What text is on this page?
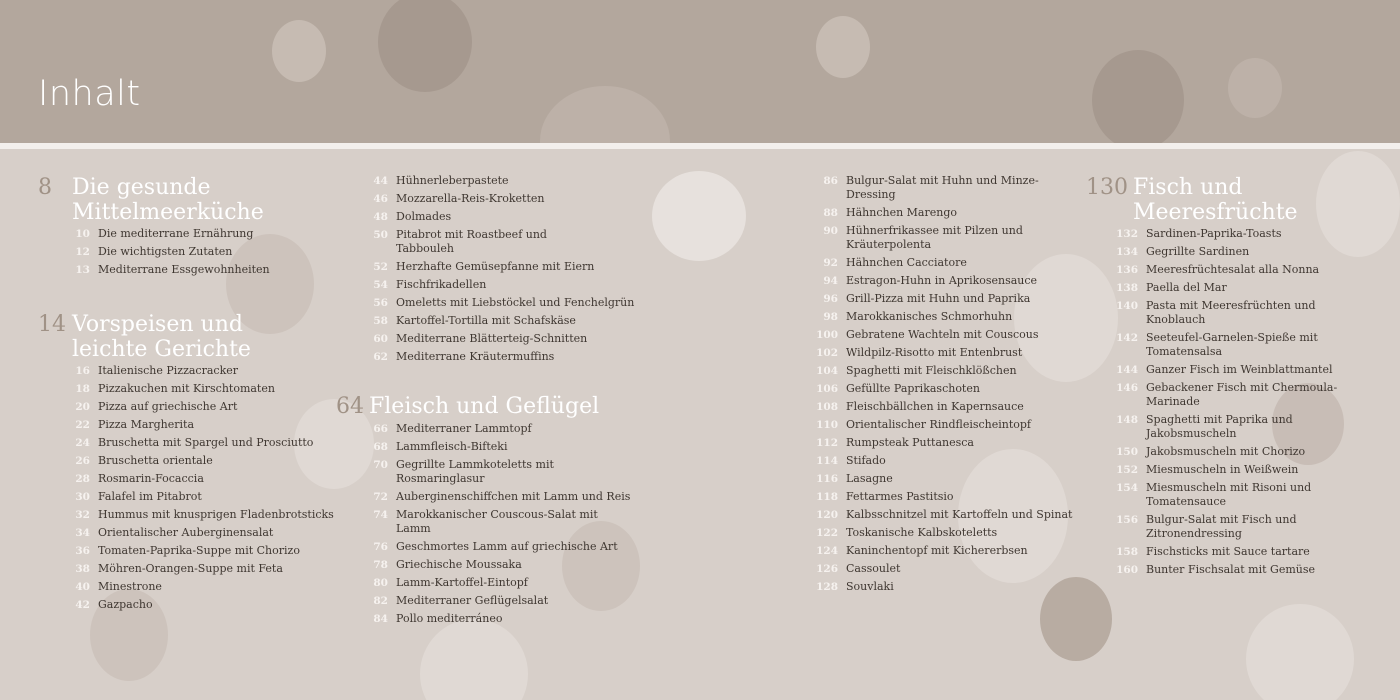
Inhalt
8 Die gesunde
Mittelmeerküche
10 Die mediterrane Ernährung
12 Die wichtigsten Zutaten
13 Mediterrane Essgewohnheiten
14 Vorspeisen und
leichte Gerichte
16 Italienische Pizzacracker
18 Pizzakuchen mit Kirschtomaten
20 Pizza auf griechische Art
22 Pizza Margherita
24 Bruschetta mit Spargel und Prosciutto
26 Bruschetta orientale
28 Rosmarin-Focaccia
30 Falafel im Pitabrot
32 Hummus mit knusprigen Fladenbrotsticks
34 Orientalischer Auberginensalat
36 Tomaten-Paprika-Suppe mit Chorizo
38 Möhren-Orangen-Suppe mit Feta
40 Minestrone
42 Gazpacho
44 Hühnerleberpastete
46 Mozzarella-Reis-Kroketten
48 Dolmades
50 Pitabrot mit Roastbeef und
Tabbouleh
52 Herzhafte Gemüsepfanne mit Eiern
54 Fischfrikadellen
56 Omeletts mit Liebstöckel und Fenchelgrün
58 Kartoffel-Tortilla mit Schafskäse
60 Mediterrane Blätterteig-Schnitten
62 Mediterrane Kräutermuffins
64 Fleisch und Geflügel
66 Mediterraner Lammtopf
68 Lammfleisch-Bifteki
70 Gegrillte Lammkoteletts mit
Rosmaringlasur
72 Auberginenschiffchen mit Lamm und Reis
74 Marokkanischer Couscous-Salat mit Lamm
76 Geschmortes Lamm auf griechische Art
78 Griechische Moussaka
80 Lamm-Kartoffel-Eintopf
82 Mediterraner Geflügelsalat
84 Pollo mediterráneo
86 Bulgur-Salat mit Huhn und Minze-Dressing
88 Hähnchen Marengo
90 Hühnerfrikassee mit Pilzen und
Kräuterpolenta
92 Hähnchen Cacciatore
94 Estragon-Huhn in Aprikosensauce
96 Grill-Pizza mit Huhn und Paprika
98 Marokkanisches Schmorhuhn
100 Gebratene Wachteln mit Couscous
102 Wildpilz-Risotto mit Entenbrust
104 Spaghetti mit Fleischklößchen
106 Gefüllte Paprikaschoten
108 Fleischbällchen in Kapernsauce
110 Orientalischer Rindfleischeintopf
112 Rumpsteak Puttanesca
114 Stifado
116 Lasagne
118 Fettarmes Pastitsio
120 Kalbsschnitzel mit Kartoffeln und Spinat
122 Toskanische Kalbskoteletts
124 Kaninchentopf mit Kichererbsen
126 Cassoulet
128 Souvlaki
130 Fisch und
Meeresfrüchte
132 Sardinen-Paprika-Toasts
134 Gegrillte Sardinen
136 Meeresfrüchtesalat alla Nonna
138 Paella del Mar
140 Pasta mit Meeresfrüchten und
Knoblauch
142 Seeteufel-Garnelen-Spieße mit
Tomatensalsa
144 Ganzer Fisch im Weinblattmantel
146 Gebackener Fisch mit Chermoula-
Marinade
148 Spaghetti mit Paprika und
Jakobsmuscheln
150 Jakobsmuscheln mit Chorizo
152 Miesmuscheln in Weißwein
154 Miesmuscheln mit Risoni und
Tomatensauce
156 Bulgur-Salat mit Fisch und
Zitronendressing
158 Fischsticks mit Sauce tartare
160 Bunter Fischsalat mit Gemüse
